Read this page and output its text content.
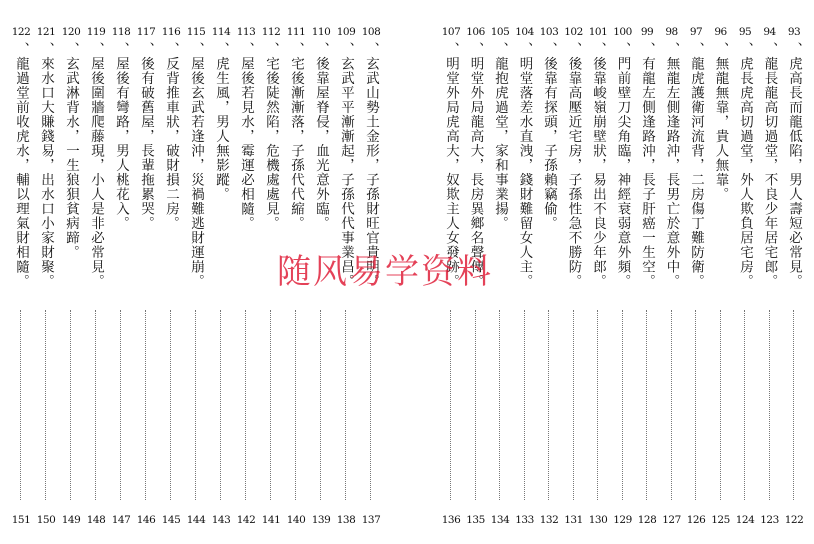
122
、龍過堂前收虎水，輔以理氣財相隨。
151
121
、來水口大賺錢易，出水口小家財聚。
150
120
、玄武淋背水，一生狼狽貧病蹄。
149
119
、屋後圍牆爬藤現，小人是非必常見。
148
118
、屋後有彎路，男人桃花入。
147
117
、後有破舊屋，長輩拖累哭。
146
116
、反背推車狀，破財損二房。
145
115
、屋後玄武若逢沖，災禍難逃財運崩。
144
114
、虎生風，男人無影蹤。
143
113
、屋後若見水，霉運必相隨。
142
112
、宅後陡然陷，危機處處見。
141
111
、宅後漸漸落，子孫代代縮。
140
110
、後靠屋脊侵，血光意外臨。
139
109
、玄武平平漸漸起，子孫代代事業昌。
138
108
、玄武山勢土金形，子孫財旺官貴明。
137
107
、明堂外局虎高大，奴欺主人女發跡。
136
106
、明堂外局龍高大，長房異鄉名聲傳。
135
105
、龍抱虎過堂，家和事業揚。
134
104
、明堂落差水直洩，錢財難留女人主。
133
103
、後靠有探頭，子孫賴竊偷。
132
102
、後靠高壓近宅房，子孫性急不勝防。
131
101
、後靠峻嶺崩壁狀，易出不良少年郎。
130
100
、門前壁刀尖角臨，神經衰弱意外頻。
129
99
、有龍左側逢路沖，長子肝癌一生空。
128
98
、無龍左側逢路沖，長男亡於意外中。
127
97
、龍虎護衛河流背，二房傷丁難防衛。
126
96
、無龍無靠，貴人無靠。
125
95
、虎長虎高切過堂，外人欺負居宅房。
124
94
、龍長龍高切過堂，不良少年居宅郎。
123
93
、虎高長而龍低陷，男人壽短必常見。
122
随风易学资料
